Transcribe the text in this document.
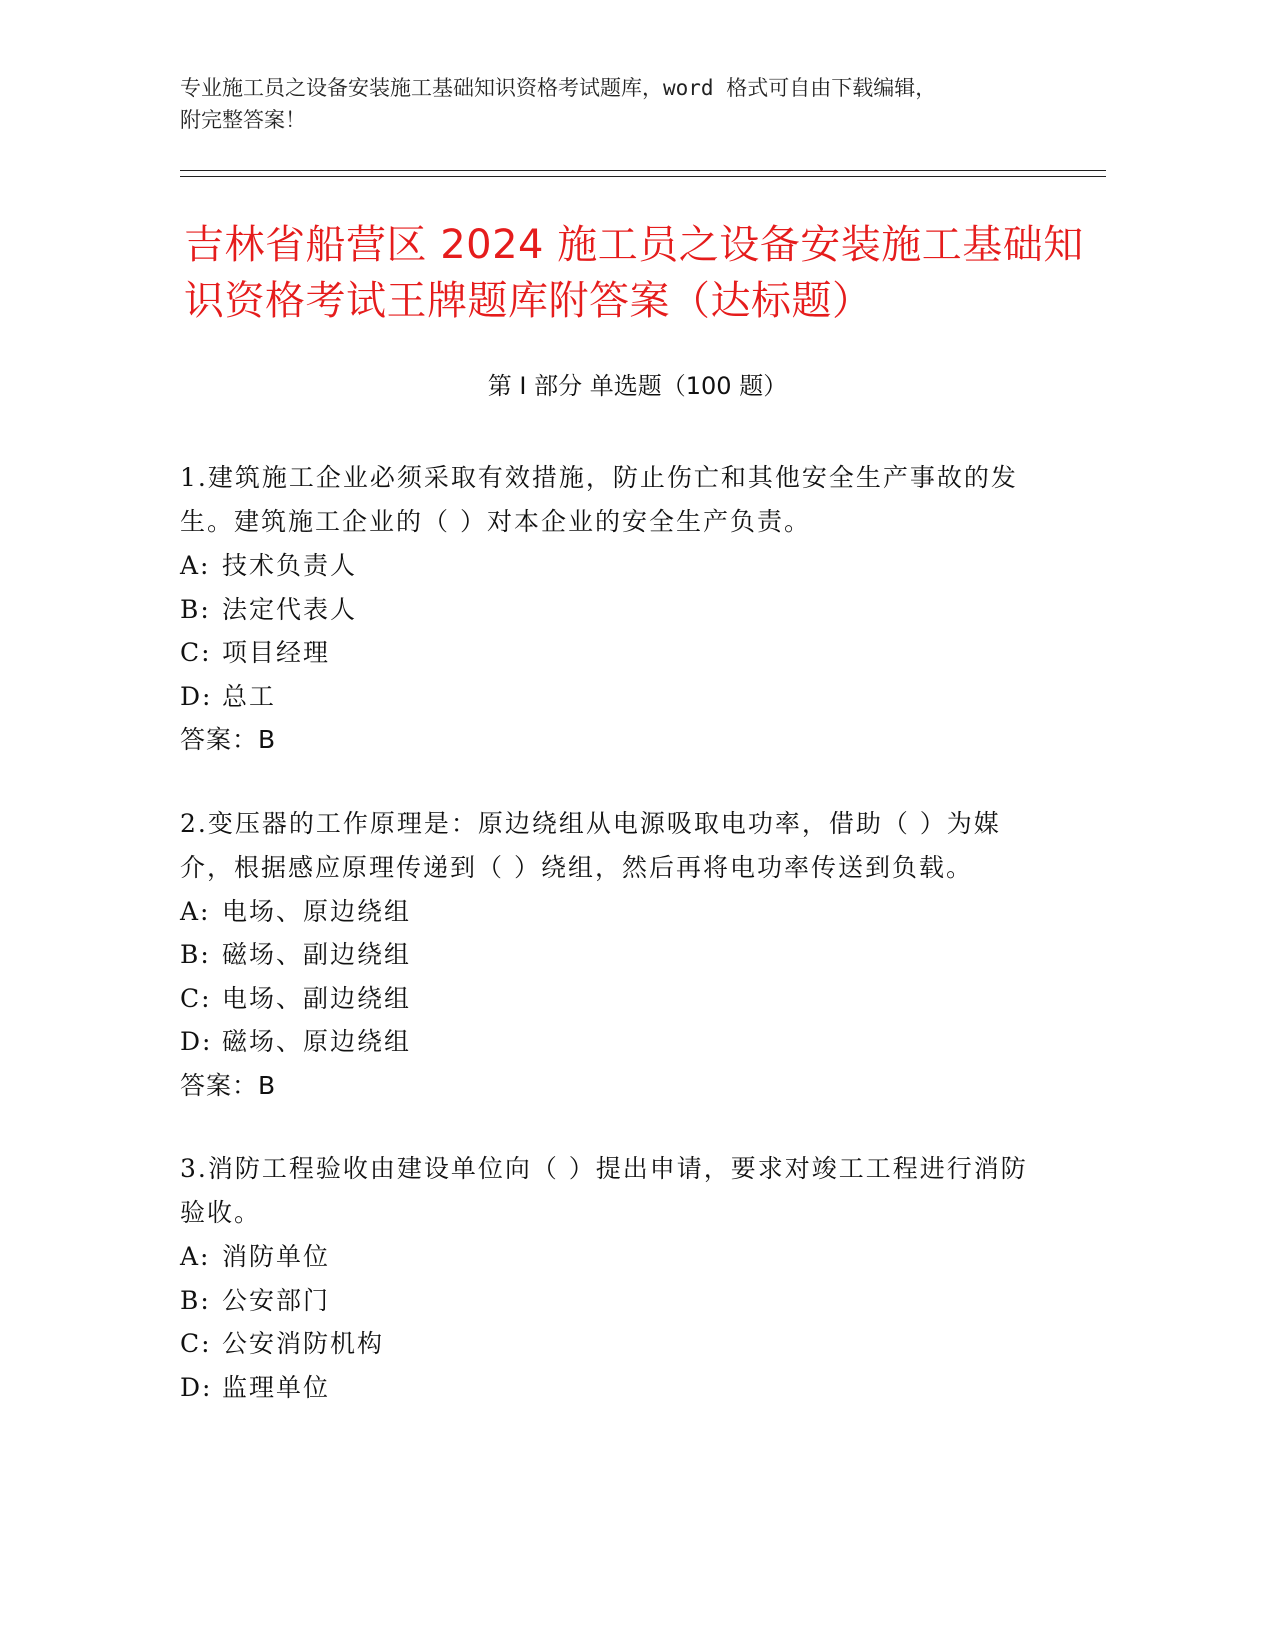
专业施工员之设备安装施工基础知识资格考试题库，word 格式可自由下载编辑，
附完整答案！
吉林省船营区 2024 施工员之设备安装施工基础知识资格考试王牌题库附答案（达标题）
第 I 部分 单选题（100 题）

1.建筑施工企业必须采取有效措施，防止伤亡和其他安全生产事故的发生。建筑施工企业的（ ）对本企业的安全生产负责。

A: 技术负责人
B: 法定代表人
C: 项目经理
D: 总工
答案：B

2.变压器的工作原理是：原边绕组从电源吸取电功率，借助（ ）为媒介，根据感应原理传递到（ ）绕组，然后再将电功率传送到负载。

A: 电场、原边绕组
B: 磁场、副边绕组
C: 电场、副边绕组
D: 磁场、原边绕组
答案：B

3.消防工程验收由建设单位向（ ）提出申请，要求对竣工工程进行消防验收。

A: 消防单位
B: 公安部门
C: 公安消防机构
D: 监理单位
